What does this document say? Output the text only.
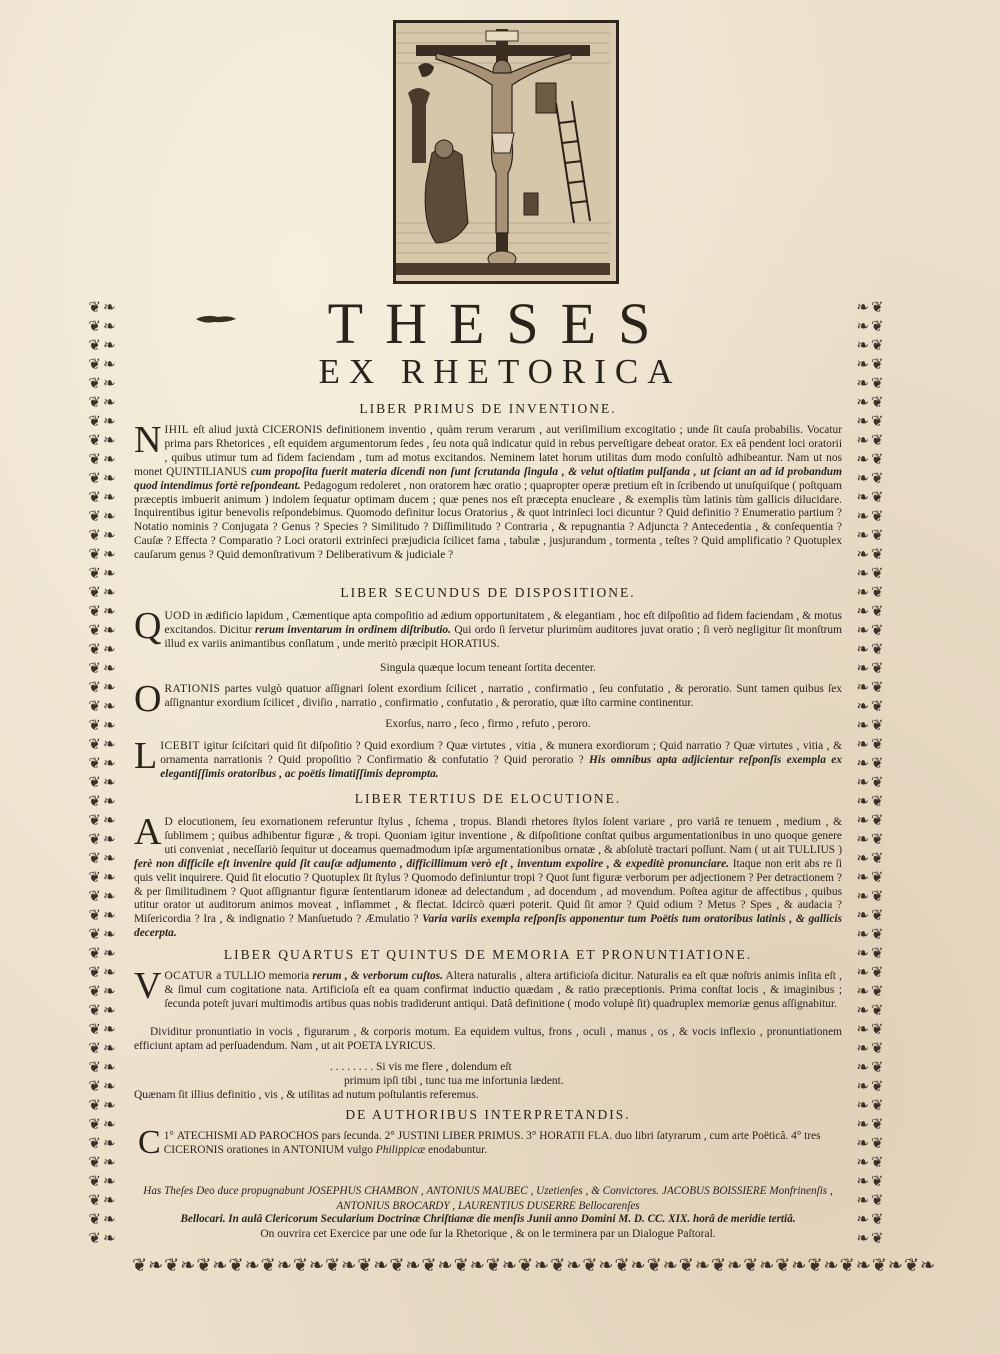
❦❧
❦❧
❦❧
❦❧
❦❧
❦❧
❦❧
❦❧
❦❧
❦❧
❦❧
❦❧
❦❧
❦❧
❦❧
❦❧
❦❧
❦❧
❦❧
❦❧
❦❧
❦❧
❦❧
❦❧
❦❧
❦❧
❦❧
❦❧
❦❧
❦❧
❦❧
❦❧
❦❧
❦❧
❦❧
❦❧
❦❧
❦❧
❦❧
❦❧
❦❧
❦❧
❦❧
❦❧
❦❧
❦❧
❦❧
❦❧
❦❧
❦❧
❧❦
❧❦
❧❦
❧❦
❧❦
❧❦
❧❦
❧❦
❧❦
❧❦
❧❦
❧❦
❧❦
❧❦
❧❦
❧❦
❧❦
❧❦
❧❦
❧❦
❧❦
❧❦
❧❦
❧❦
❧❦
❧❦
❧❦
❧❦
❧❦
❧❦
❧❦
❧❦
❧❦
❧❦
❧❦
❧❦
❧❦
❧❦
❧❦
❧❦
❧❦
❧❦
❧❦
❧❦
❧❦
❧❦
❧❦
❧❦
❧❦
❧❦
❦❧❦❧❦❧❦❧❦❧❦❧❦❧❦❧❦❧❦❧❦❧❦❧❦❧❦❧❦❧❦❧❦❧❦❧❦❧❦❧❦❧❦❧❦❧❦❧❦❧
THESES
EX RHETORICA
LIBER PRIMUS DE INVENTIONE.

NIHIL eſt aliud juxtà CICERONIS definitionem inventio , quàm rerum verarum , aut veriſimilium excogitatio ; unde ſit cauſa probabilis. Vocatur prima pars Rhetorices , eſt equidem argumentorum ſedes , ſeu nota quâ indicatur quid in rebus perveſtigare debeat orator. Ex eâ pendent loci oratorii , quibus utimur tum ad fidem faciendam , tum ad motus excitandos. Neminem latet horum utilitas dum modo conſultò adhibeantur. Nam ut nos monet QUINTILIANUS cum propoſita fuerit materia dicendi non ſunt ſcrutanda ſingula , & velut oſtiatim pulſanda , ut ſciant an ad id probandum quod intendimus fortè reſpondeant. Pedagogum redoleret , non oratorem hæc oratio ; quapropter operæ pretium eſt in ſcribendo ut unuſquiſque ( poſtquam præceptis imbuerit animum ) indolem ſequatur optimam ducem ; quæ penes nos eſt præcepta enucleare , & exemplis tùm latinis tùm gallicis dilucidare. Inquirentibus igitur benevolis reſpondebimus. Quomodo definitur locus Oratorius , & quot intrinſeci loci dicuntur ? Quid definitio ? Enumeratio partium ? Notatio nominis ? Conjugata ? Genus ? Species ? Similitudo ? Diſſimilitudo ? Contraria , & repugnantia ? Adjuncta ? Antecedentia , & conſequentia ? Cauſæ ? Effecta ? Comparatio ? Loci oratorii extrinſeci præjudicia ſcilicet fama , tabulæ , jusjurandum , tormenta , teſtes ? Quid amplificatio ? Quotuplex cauſarum genus ? Quid demonſtrativum ? Deliberativum & judiciale ?

LIBER SECUNDUS DE DISPOSITIONE.

QUOD in ædificio lapidum , Cæmentique apta compoſitio ad ædium opportunitatem , & elegantiam , hoc eſt diſpoſitio ad fidem faciendam , & motus excitandos. Dicitur rerum inventarum in ordinem diſtributio. Qui ordo ſi ſervetur plurimùm auditores juvat oratio ; ſi verò negligitur ſit monſtrum illud ex variis animantibus conſlatum , unde meritò præcipit HORATIUS.

Singula quæque locum teneant ſortita decenter.

ORATIONIS partes vulgò quatuor aſſignari ſolent exordium ſcilicet , narratio , confirmatio , ſeu confutatio , & peroratio. Sunt tamen quibus ſex aſſignantur exordium ſcilicet , diviſio , narratio , confirmatio , confutatio , & peroratio, quæ iſto carmine continentur.

Exorſus, narro , ſeco , firmo , refuto , peroro.

LICEBIT igitur ſciſcitari quid ſit diſpoſitio ? Quid exordium ? Quæ virtutes , vitia , & munera exordiorum ; Quid narratio ? Quæ virtutes , vitia , & ornamenta narrationis ? Quid propoſitio ? Confirmatio & confutatio ? Quid peroratio ? His omnibus apta adjicientur reſponſis exempla ex elegantiſſimis oratoribus , ac poëtis limatiſſimis deprompta.

LIBER TERTIUS DE ELOCUTIONE.

A D elocutionem, ſeu exornationem referuntur ſtylus , ſchema , tropus. Blandi rhetores ſtylos ſolent variare , pro variâ re tenuem , medium , & ſublimem ; quibus adhibentur figuræ , & tropi. Quoniam igitur inventione , & diſpoſitione conſtat quibus argumentationibus in uno quoque genere uti conveniat , neceſſariò ſequitur ut doceamus quemadmodum ipſæ argumentationibus ornatæ , & abſolutè tractari poſſunt. Nam ( ut ait TULLIUS ) ferè non difficile eſt invenire quid ſit cauſæ adjumento , difficillimum verò eſt , inventum expolire , & expeditè pronunciare. Itaque non erit abs re ſi quis velit inquirere. Quid ſit elocutio ? Quotuplex ſit ſtylus ? Quomodo definiuntur tropi ? Quot ſunt figuræ verborum per adjectionem ? Per detractionem ? & per ſimilitudinem ? Quot aſſignantur figuræ ſententiarum idoneæ ad delectandum , ad docendum , ad movendum. Poſtea agitur de affectibus , quibus utitur orator ut auditorum animos moveat , inflammet , & flectat. Idcircò quæri poterit. Quid ſit amor ? Quid odium ? Metus ? Spes , & audacia ? Miſericordia ? Ira , & indignatio ? Manſuetudo ? Æmulatio ? Varia variis exempla reſponſis apponentur tum Poëtis tum oratoribus latinis , & gallicis decerpta.

LIBER QUARTUS ET QUINTUS DE MEMORIA ET PRONUNTIATIONE.

VOCATUR a TULLIO memoria rerum , & verborum cuſtos. Altera naturalis , altera artificioſa dicitur. Naturalis ea eſt quæ noſtris animis inſita eſt , & ſimul cum cogitatione nata. Artificioſa eſt ea quam confirmat inductio quædam , & ratio præceptionis. Prima conſtat locis , & imaginibus ; ſecunda poteſt juvari multimodis artibus quas nobis tradiderunt antiqui. Datâ definitione ( modo volupè ſit) quadruplex memoriæ genus aſſignabitur.

Dividitur pronuntiatio in vocis , figurarum , & corporis motum. Ea equidem vultus, frons , oculi , manus , os , & vocis inflexio , pronuntiationem efficiunt aptam ad perſuadendum. Nam , ut ait POETA LYRICUS.

. . . . . . . . Si vis me flere , dolendum eſt
primum ipſi tibi , tunc tua me infortunia lædent.
Quænam ſit illius definitio , vis , & utilitas ad nutum poſtulantis referemus.
DE AUTHORIBUS INTERPRETANDIS.
1°
C ATECHISMI AD PAROCHOS pars ſecunda. 2° JUSTINI LIBER PRIMUS. 3° HORATII FLA. duo libri ſatyrarum , cum arte Poëticâ. 4° tres CICERONIS orationes in ANTONIUM vulgo Philippicæ enodabuntur.
Has Theſes Deo duce propugnabunt JOSEPHUS CHAMBON , ANTONIUS MAUBEC , Uzetienſes , & Convictores. JACOBUS BOISSIERE Monfrinenſis , ANTONIUS BROCARDY , LAURENTIUS DUSERRE Bellocarenſes
Bellocari. In aulâ Clericorum Secularium Doctrinæ Chriſtianæ die menſis Junii anno Domini M. D. CC. XIX. horâ de meridie tertiâ.
On ouvrira cet Exercice par une ode ſur la Rhetorique , & on le terminera par un Dialogue Paſtoral.
